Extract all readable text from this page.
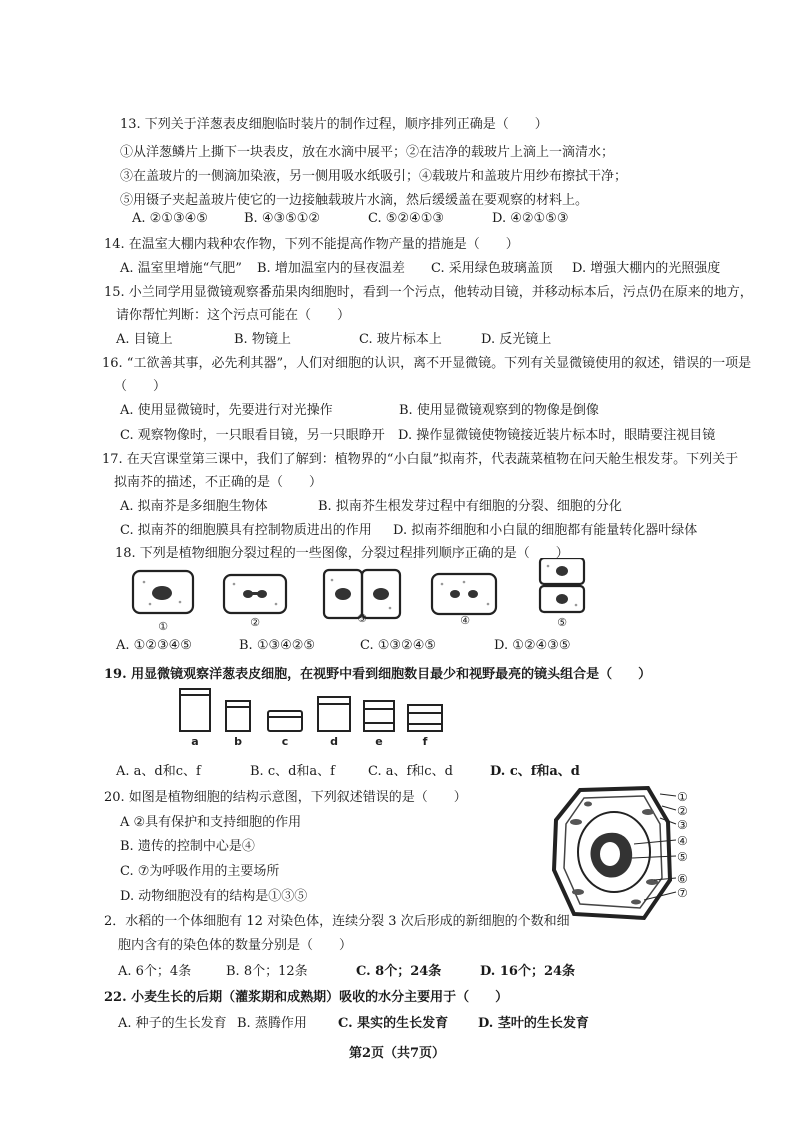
13. 下列关于洋葱表皮细胞临时装片的制作过程，顺序排列正确是（　　）
①从洋葱鳞片上撕下一块表皮，放在水滴中展平；②在洁净的载玻片上滴上一滴清水；
③在盖玻片的一侧滴加染液，另一侧用吸水纸吸引；④载玻片和盖玻片用纱布擦拭干净；
⑤用镊子夹起盖玻片使它的一边接触载玻片水滴，然后缓缓盖在要观察的材料上。
A. ②①③④⑤	B. ④③⑤①②	C. ⑤②④①③	D. ④②①⑤③
14. 在温室大棚内栽种农作物，下列不能提高作物产量的措施是（　　）
A. 温室里增施“气肥” B. 增加温室内的昼夜温差 C. 采用绿色玻璃盖顶 D. 增强大棚内的光照强度
15. 小兰同学用显微镜观察番茄果肉细胞时，看到一个污点，他转动目镜，并移动标本后，污点仍在原来的地方，
请你帮忙判断：这个污点可能在（　　）
A. 目镜上	B. 物镜上	C. 玻片标本上	D. 反光镜上
16. “工欲善其事，必先利其器”，人们对细胞的认识，离不开显微镜。下列有关显微镜使用的叙述，错误的一项是
（　　）
A. 使用显微镜时，先要进行对光操作	B. 使用显微镜观察到的物像是倒像
C. 观察物像时，一只眼看目镜，另一只眼睁开 D. 操作显微镜使物镜接近装片标本时，眼睛要注视目镜
17. 在天宫课堂第三课中，我们了解到：植物界的“小白鼠”拟南芥，代表蔬菜植物在问天舱生根发芽。下列关于
拟南芥的描述，不正确的是（　　）
A. 拟南芥是多细胞生物体	B. 拟南芥生根发芽过程中有细胞的分裂、细胞的分化
C. 拟南芥的细胞膜具有控制物质进出的作用 D. 拟南芥细胞和小白鼠的细胞都有能量转化器叶绿体
18. 下列是植物细胞分裂过程的一些图像，分裂过程排列顺序正确的是（　　）
①	②	③	④	⑤
A. ①②③④⑤	B. ①③④②⑤	C. ①③②④⑤	D. ①②④③⑤
19. 用显微镜观察洋葱表皮细胞，在视野中看到细胞数目最少和视野最亮的镜头组合是（　　）
a	b	c	d	e	f
A. a、d和c、f	B. c、d和a、f	C. a、f和c、d	D. c、f和a、d
20. 如图是植物细胞的结构示意图，下列叙述错误的是（　　）
A ②具有保护和支持细胞的作用
B. 遗传的控制中心是④
C. ⑦为呼吸作用的主要场所
D. 动物细胞没有的结构是①③⑤
①
②
③
④
⑤
⑥
⑦
2．水稻的一个体细胞有 12 对染色体，连续分裂 3 次后形成的新细胞的个数和细
胞内含有的染色体的数量分别是（　　）
A. 6个；4条	B. 8个；12条	C. 8个；24条	D. 16个；24条
22. 小麦生长的后期（灌浆期和成熟期）吸收的水分主要用于（　　）
A. 种子的生长发育 B. 蒸腾作用 C. 果实的生长发育 D. 茎叶的生长发育
第2页（共7页）
